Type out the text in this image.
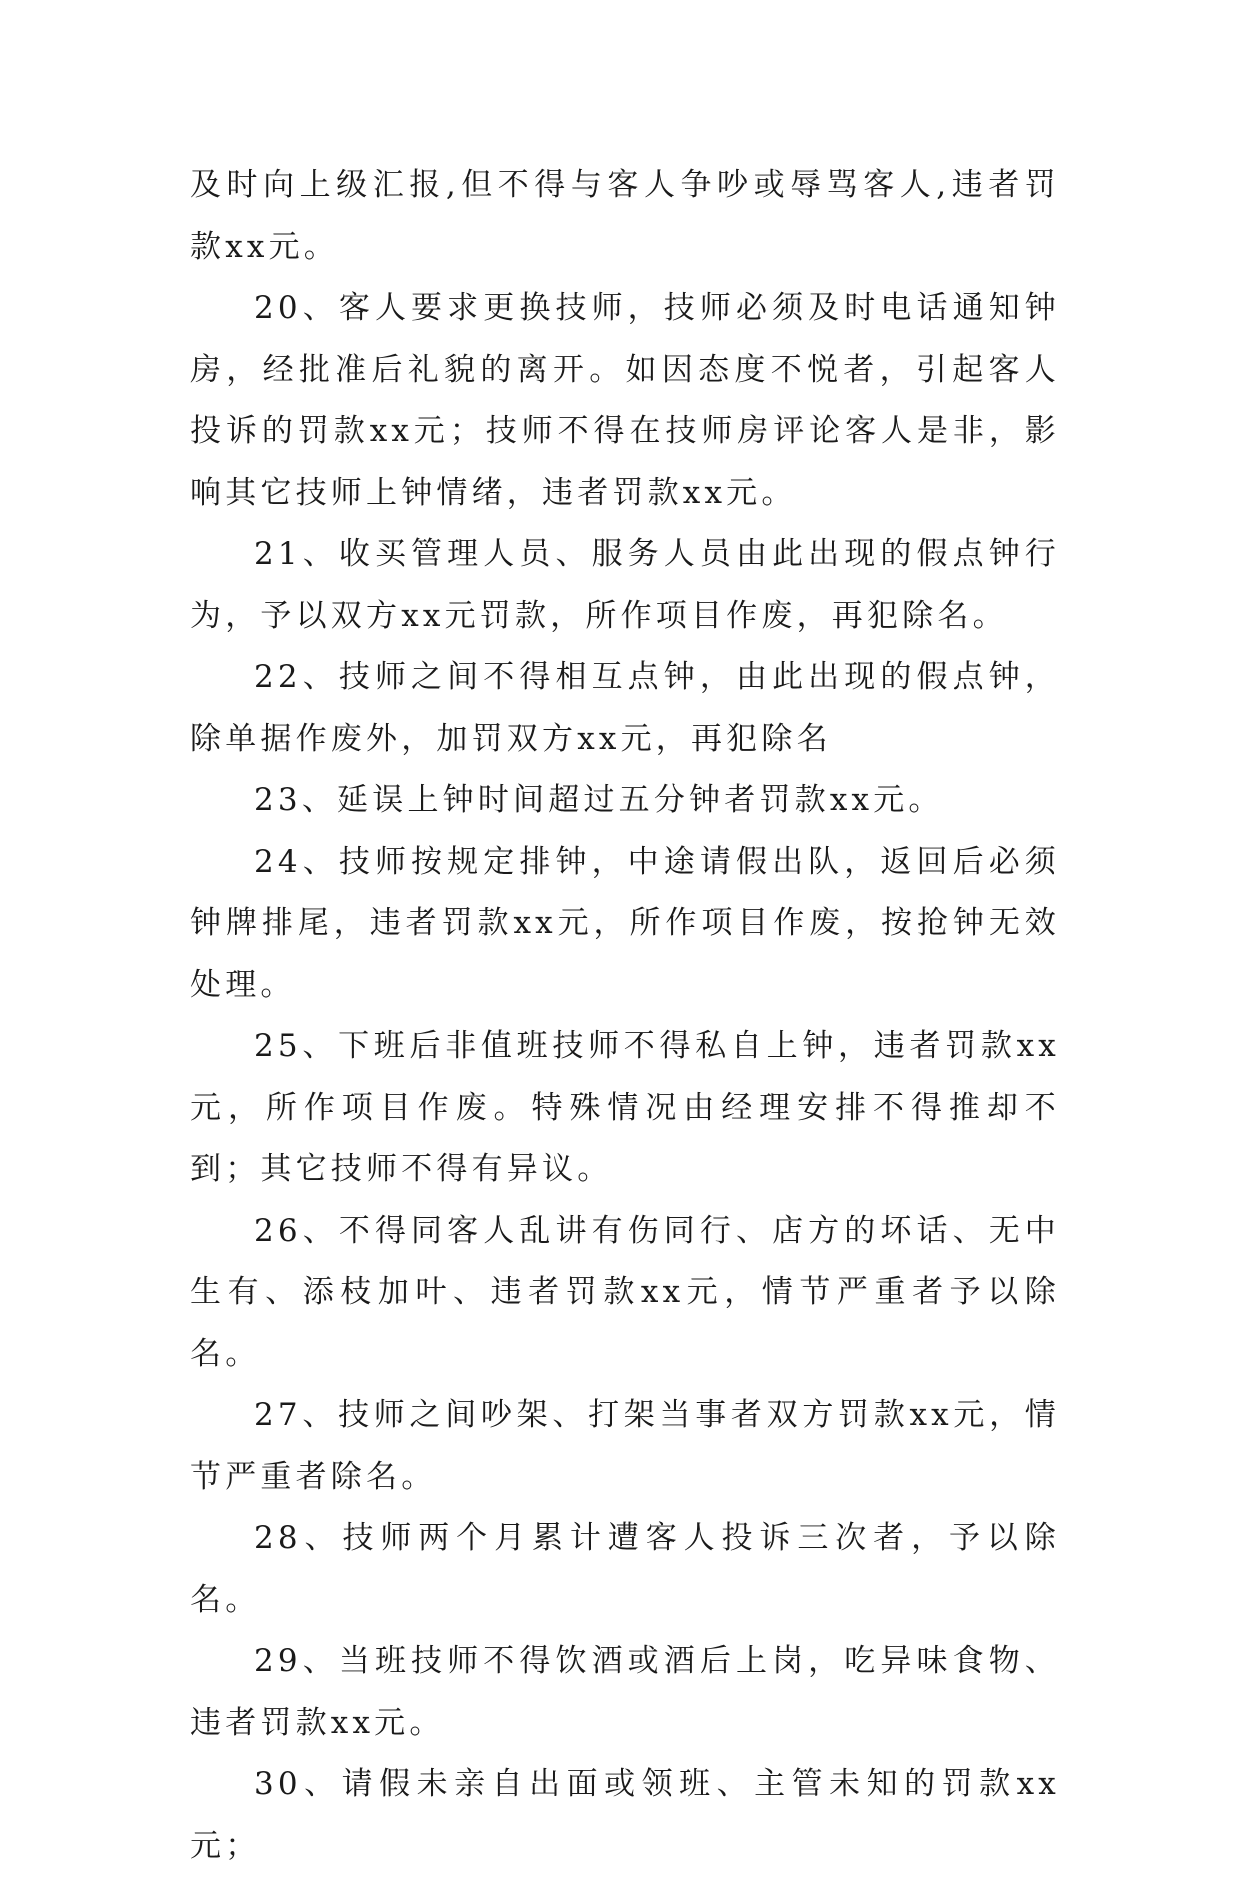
及时向上级汇报,但不得与客人争吵或辱骂客人,违者罚款xx元。

20、客人要求更换技师，技师必须及时电话通知钟房，经批准后礼貌的离开。如因态度不悦者，引起客人投诉的罚款xx元；技师不得在技师房评论客人是非，影响其它技师上钟情绪，违者罚款xx元。

21、收买管理人员、服务人员由此出现的假点钟行为，予以双方xx元罚款，所作项目作废，再犯除名。

22、技师之间不得相互点钟，由此出现的假点钟，除单据作废外，加罚双方xx元，再犯除名

23、延误上钟时间超过五分钟者罚款xx元。

24、技师按规定排钟，中途请假出队，返回后必须钟牌排尾，违者罚款xx元，所作项目作废，按抢钟无效处理。

25、下班后非值班技师不得私自上钟，违者罚款xx元，所作项目作废。特殊情况由经理安排不得推却不到；其它技师不得有异议。

26、不得同客人乱讲有伤同行、店方的坏话、无中生有、添枝加叶、违者罚款xx元，情节严重者予以除名。

27、技师之间吵架、打架当事者双方罚款xx元，情节严重者除名。

28、技师两个月累计遭客人投诉三次者，予以除名。

29、当班技师不得饮酒或酒后上岗，吃异味食物、违者罚款xx元。

30、请假未亲自出面或领班、主管未知的罚款xx元；
